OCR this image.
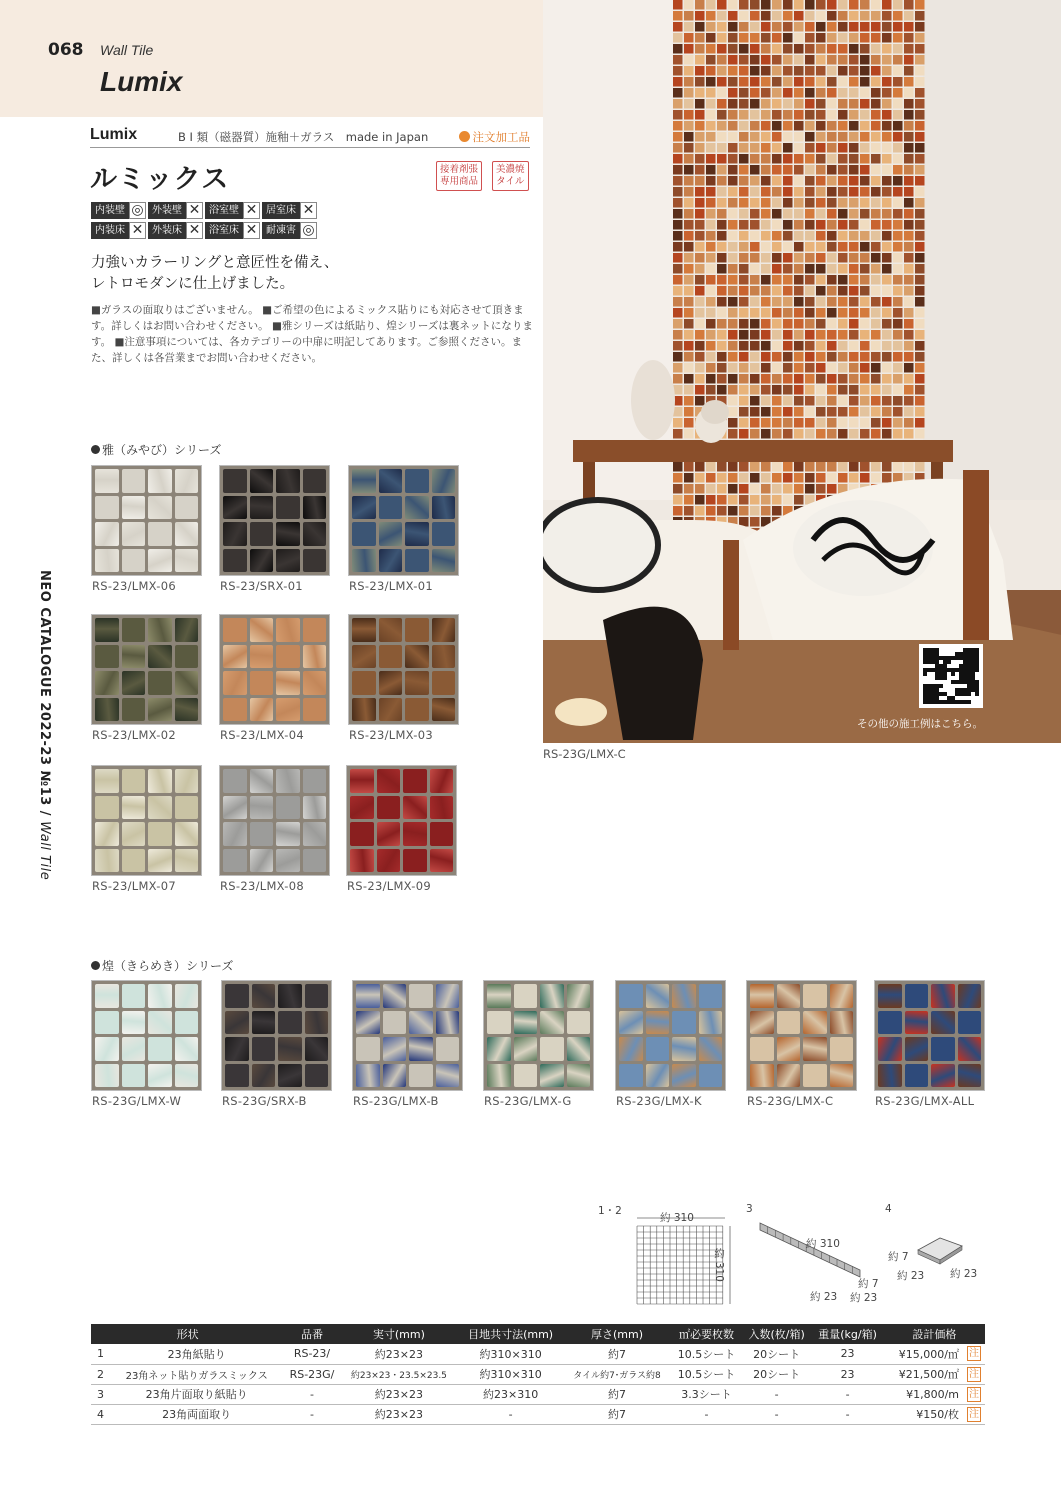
068 Wall Tile
Lumix
Lumix	B I 類（磁器質）施釉＋ガラス　made in Japan	注文加工品
ルミックス	接着剤張
専用商品
美濃焼
タイル
内装壁 ◎ 外装壁 ✕ 浴室壁 ✕ 居室床 ✕
内装床 ✕ 外装床 ✕ 浴室床 ✕ 耐凍害 ◎
力強いカラーリングと意匠性を備え、
レトロモダンに仕上げました。
■ガラスの面取りはございません。 ■ご希望の色によるミックス貼りにも対応させて頂きます。詳しくはお問い合わせください。 ■雅シリーズは紙貼り、煌シリーズは裏ネットになります。 ■注意事項については、各カテゴリーの中扉に明記してあります。ご参照ください。また、詳しくは各営業までお問い合わせください。
NEO CATALOGUE 2022-23 №13 / Wall Tile
雅（みやび）シリーズ
RS-23/LMX-06	RS-23/SRX-01	RS-23/LMX-01
RS-23/LMX-02	RS-23/LMX-04	RS-23/LMX-03
RS-23/LMX-07	RS-23/LMX-08	RS-23/LMX-09
煌（きらめき）シリーズ
RS-23G/LMX-W	RS-23G/SRX-B	RS-23G/LMX-B	RS-23G/LMX-G	RS-23G/LMX-K	RS-23G/LMX-C	RS-23G/LMX-ALL
その他の施工例はこちら。
RS-23G/LMX-C
1・2
約 310
約 310
3
約 310
約 7
約 23 約 23
4
約 7
約 23 約 23
形状		品番	実寸(mm)	目地共寸法(mm)	厚さ(mm)	㎡必要枚数	入数(枚/箱)	重量(kg/箱)	設計価格	
1	23角紙貼り	RS-23/	約23×23	約310×310	約7	10.5シート	20シート	23	¥15,000/㎡	注
2	23角ネット貼りガラスミックス	RS-23G/	約23×23・23.5×23.5	約310×310	タイル約7･ガラス約8	10.5シート	20シート	23	¥21,500/㎡	注
3	23角片面取り紙貼り	-	約23×23	約23×310	約7	3.3シート	-	-	¥1,800/m	注
4	23角両面取り	-	約23×23	-	約7	-	-	-	¥150/枚	注
